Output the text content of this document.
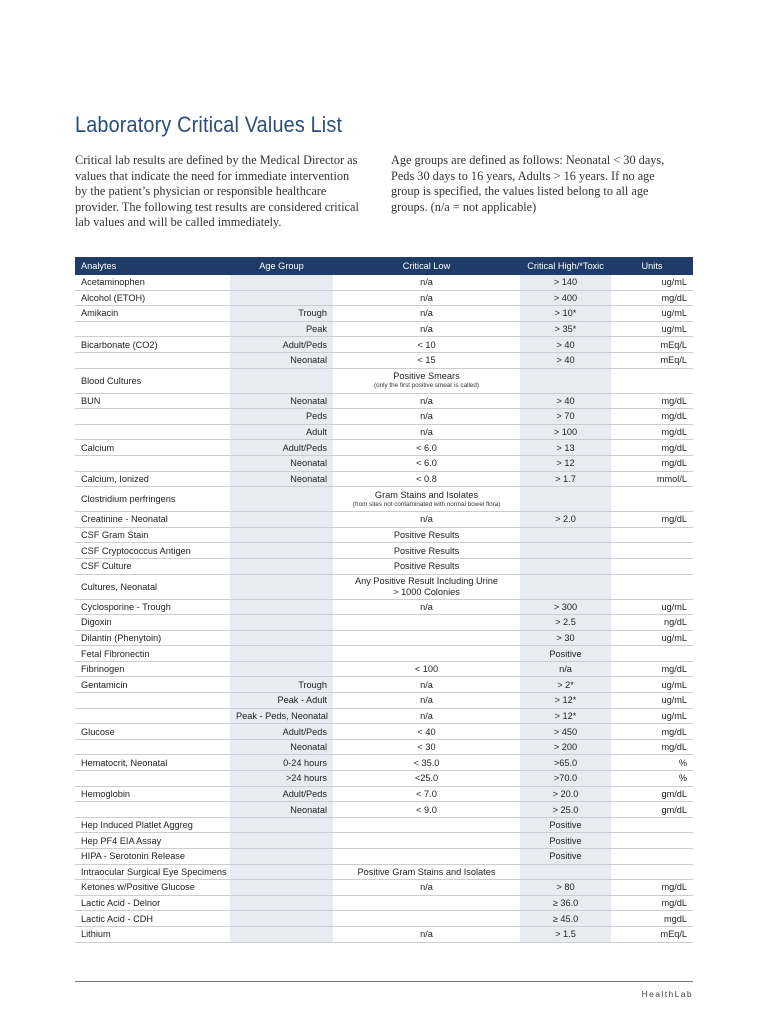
Laboratory Critical Values List
Critical lab results are defined by the Medical Director as values that indicate the need for immediate intervention by the patient’s physician or responsible healthcare provider. The following test results are considered critical lab values and will be called immediately.
Age groups are defined as follows: Neonatal < 30 days, Peds 30 days to 16 years, Adults > 16 years. If no age group is specified, the values listed belong to all age groups. (n/a = not applicable)
Analytes	Age Group	Critical Low	Critical High/*Toxic	Units
Acetaminophen		n/a	> 140	ug/mL
Alcohol (ETOH)		n/a	> 400	mg/dL
Amikacin	Trough	n/a	> 10*	ug/mL
	Peak	n/a	> 35*	ug/mL
Bicarbonate (CO2)	Adult/Peds	< 10	> 40	mEq/L
	Neonatal	< 15	> 40	mEq/L
Blood Cultures		Positive Smears
(only the first positive smear is called)		

BUN	Neonatal	n/a	> 40	mg/dL
	Peds	n/a	> 70	mg/dL
	Adult	n/a	> 100	mg/dL
Calcium	Adult/Peds	< 6.0	> 13	mg/dL
	Neonatal	< 6.0	> 12	mg/dL
Calcium, Ionized	Neonatal	< 0.8	> 1.7	mmol/L
Clostridium perfringens		Gram Stains and Isolates
(from sites not contaminated with normal bowel flora)		

Creatinine - Neonatal		n/a	> 2.0	mg/dL
CSF Gram Stain		Positive Results		
CSF Cryptococcus Antigen		Positive Results		
CSF Culture		Positive Results		
Cultures, Neonatal		Any Positive Result Including Urine
> 1000 Colonies		

Cyclosporine - Trough		n/a	> 300	ug/mL
Digoxin			> 2.5	ng/dL
Dilantin (Phenytoin)			> 30	ug/mL
Fetal Fibronectin			Positive	
Fibrinogen		< 100	n/a	mg/dL
Gentamicin	Trough	n/a	> 2*	ug/mL
	Peak - Adult	n/a	> 12*	ug/mL
	Peak - Peds, Neonatal	n/a	> 12*	ug/mL
Glucose	Adult/Peds	< 40	> 450	mg/dL
	Neonatal	< 30	> 200	mg/dL
Hematocrit, Neonatal	0-24 hours	< 35.0	>65.0	%
	>24 hours	<25.0	>70.0	%
Hemoglobin	Adult/Peds	< 7.0	> 20.0	gm/dL
	Neonatal	< 9.0	> 25.0	gm/dL
Hep Induced Platlet Aggreg			Positive	
Hep PF4 EIA Assay			Positive	
HIPA - Serotonin Release			Positive	
Intraocular Surgical Eye Specimens		Positive Gram Stains and Isolates		
Ketones w/Positive Glucose		n/a	> 80	mg/dL
Lactic Acid - Delnor			≥ 36.0	mg/dL
Lactic Acid - CDH			≥ 45.0	mgdL
Lithium		n/a	> 1.5	mEq/L
HealthLab
